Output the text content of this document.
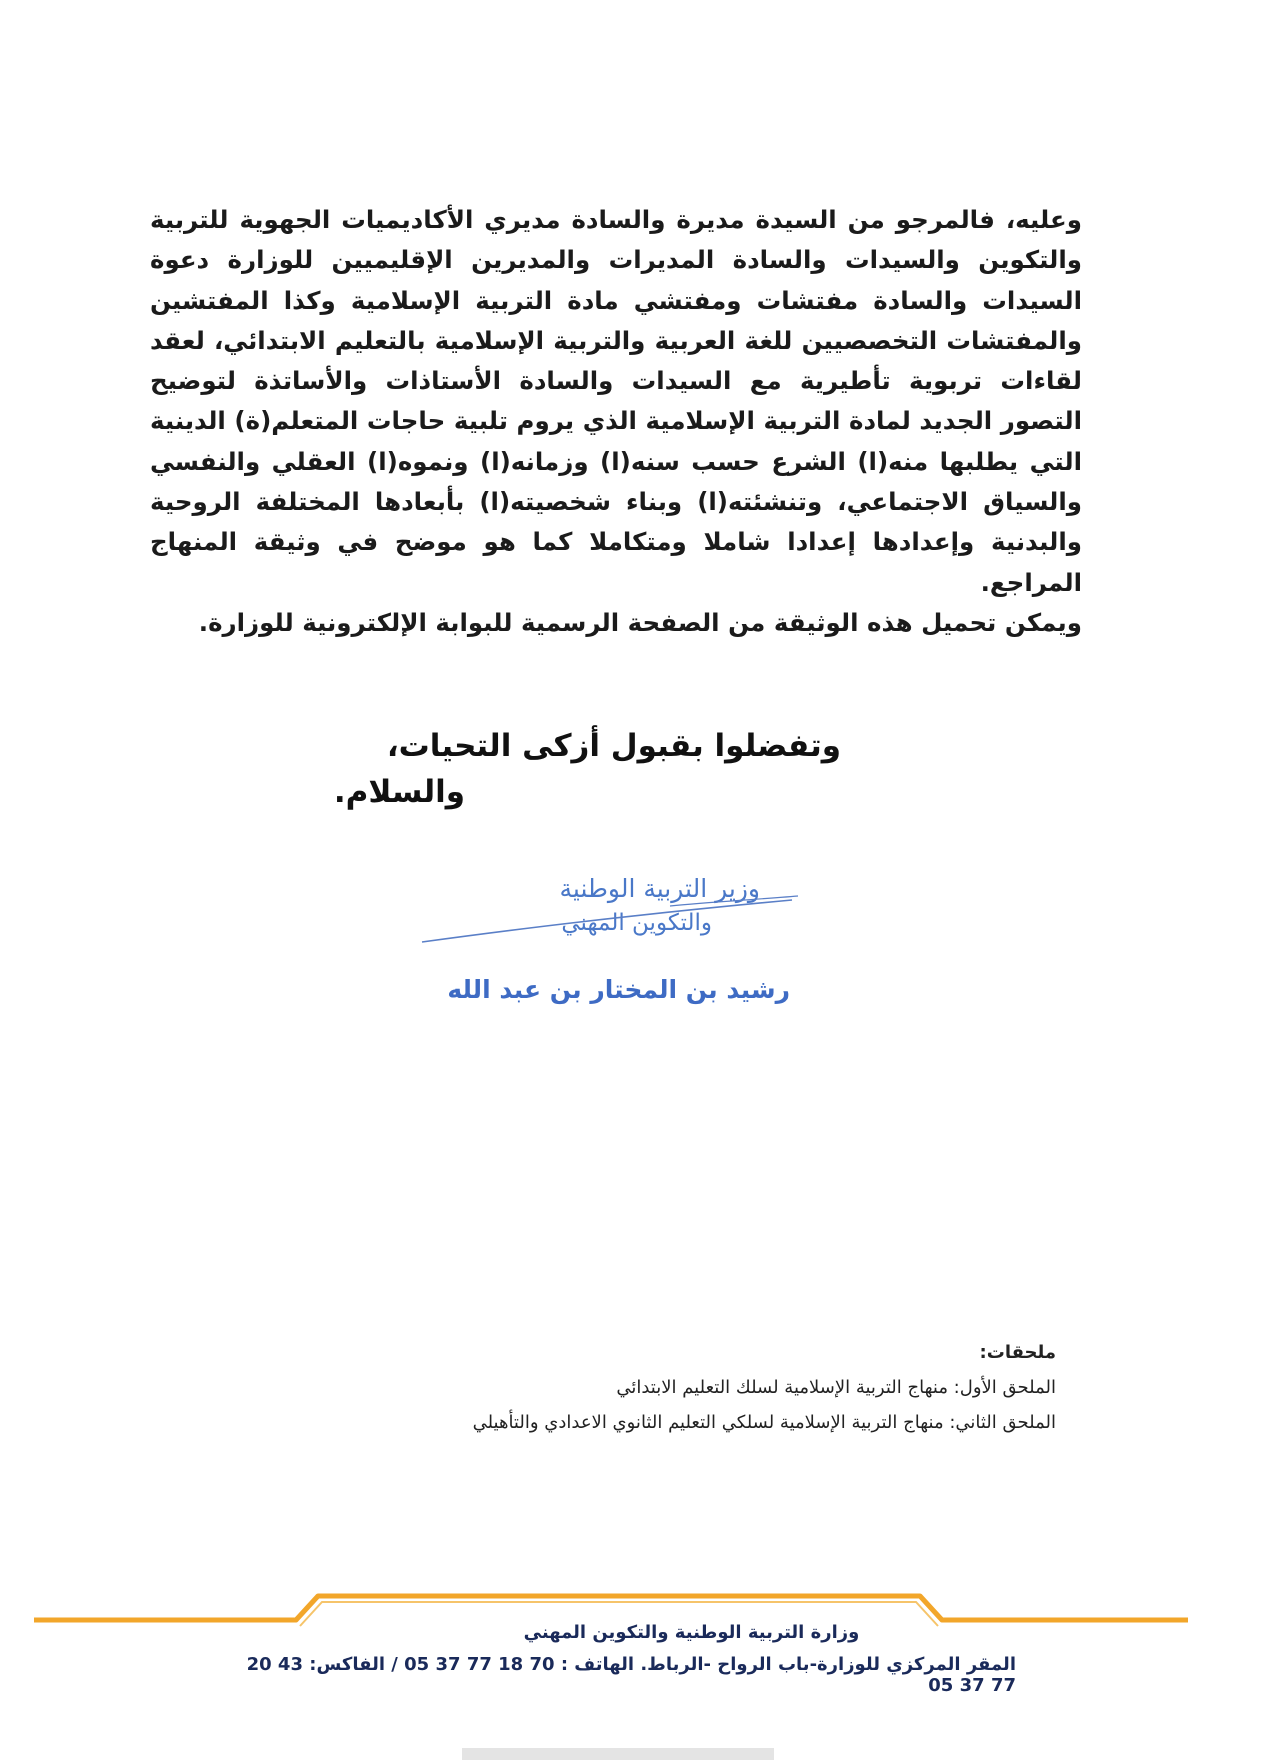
وعليه، فالمرجو من السيدة مديرة والسادة مديري الأكاديميات الجهوية للتربية والتكوين والسيدات والسادة المديرات والمديرين الإقليميين للوزارة دعوة السيدات والسادة مفتشات ومفتشي مادة التربية الإسلامية وكذا المفتشين والمفتشات التخصصيين للغة العربية والتربية الإسلامية بالتعليم الابتدائي، لعقد لقاءات تربوية تأطيرية مع السيدات والسادة الأستاذات والأساتذة لتوضيح التصور الجديد لمادة التربية الإسلامية الذي يروم تلبية حاجات المتعلم(ة) الدينية التي يطلبها منه(ا) الشرع حسب سنه(ا) وزمانه(ا) ونموه(ا) العقلي والنفسي والسياق الاجتماعي، وتنشئته(ا) وبناء شخصيته(ا) بأبعادها المختلفة الروحية والبدنية وإعدادها إعدادا شاملا ومتكاملا كما هو موضح في وثيقة المنهاج المراجع.

ويمكن تحميل هذه الوثيقة من الصفحة الرسمية للبوابة الإلكترونية للوزارة.

وتفضلوا بقبول أزكى التحيات،
والسلام.
وزير التربية الوطنية
والتكوين المهني
رشيد بن المختار بن عبد الله
ملحقات:
الملحق الأول: منهاج التربية الإسلامية لسلك التعليم الابتدائي
الملحق الثاني: منهاج التربية الإسلامية لسلكي التعليم الثانوي الاعدادي والتأهيلي
وزارة التربية الوطنية والتكوين المهني
المقر المركزي للوزارة-باب الرواح -الرباط. الهاتف : 70 18 77 37 05 / الفاكس: 43 20 77 37 05
